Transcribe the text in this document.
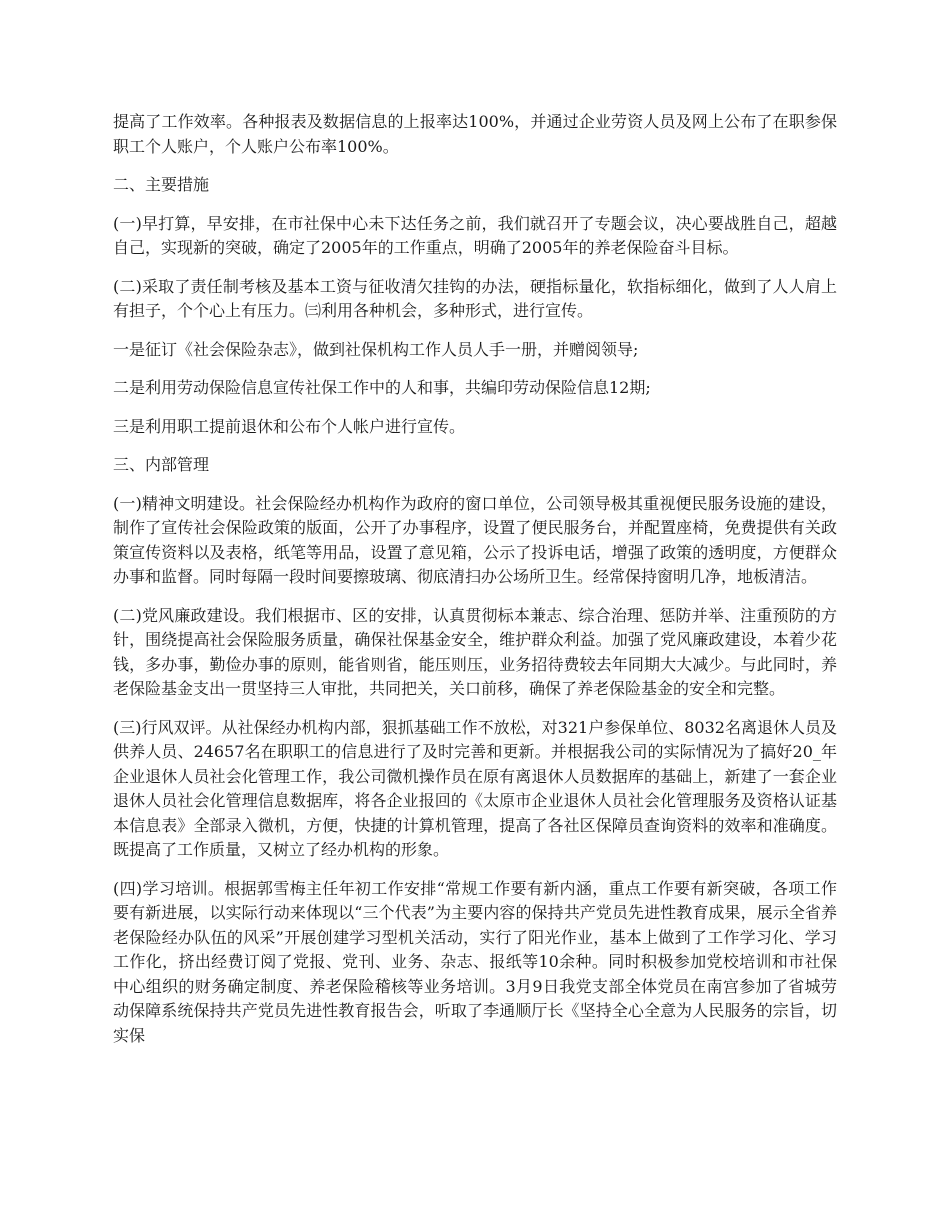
提高了工作效率。各种报表及数据信息的上报率达100%，并通过企业劳资人员及网上公布了在职参保职工个人账户，个人账户公布率100%。

二、主要措施

(一)早打算，早安排，在市社保中心未下达任务之前，我们就召开了专题会议，决心要战胜自己，超越自己，实现新的突破，确定了2005年的工作重点，明确了2005年的养老保险奋斗目标。

(二)采取了责任制考核及基本工资与征收清欠挂钩的办法，硬指标量化，软指标细化，做到了人人肩上有担子，个个心上有压力。㈢利用各种机会，多种形式，进行宣传。

一是征订《社会保险杂志》，做到社保机构工作人员人手一册，并赠阅领导;

二是利用劳动保险信息宣传社保工作中的人和事，共编印劳动保险信息12期;

三是利用职工提前退休和公布个人帐户进行宣传。

三、内部管理

(一)精神文明建设。社会保险经办机构作为政府的窗口单位，公司领导极其重视便民服务设施的建设，制作了宣传社会保险政策的版面，公开了办事程序，设置了便民服务台，并配置座椅，免费提供有关政策宣传资料以及表格，纸笔等用品，设置了意见箱，公示了投诉电话，增强了政策的透明度，方便群众办事和监督。同时每隔一段时间要擦玻璃、彻底清扫办公场所卫生。经常保持窗明几净，地板清洁。

(二)党风廉政建设。我们根据市、区的安排，认真贯彻标本兼志、综合治理、惩防并举、注重预防的方针，围绕提高社会保险服务质量，确保社保基金安全，维护群众利益。加强了党风廉政建设，本着少花钱，多办事，勤俭办事的原则，能省则省，能压则压，业务招待费较去年同期大大减少。与此同时，养老保险基金支出一贯坚持三人审批，共同把关，关口前移，确保了养老保险基金的安全和完整。

(三)行风双评。从社保经办机构内部，狠抓基础工作不放松，对321户参保单位、8032名离退休人员及供养人员、24657名在职职工的信息进行了及时完善和更新。并根据我公司的实际情况为了搞好20_年企业退休人员社会化管理工作，我公司微机操作员在原有离退休人员数据库的基础上，新建了一套企业退休人员社会化管理信息数据库，将各企业报回的《太原市企业退休人员社会化管理服务及资格认证基本信息表》全部录入微机，方便，快捷的计算机管理，提高了各社区保障员查询资料的效率和准确度。既提高了工作质量，又树立了经办机构的形象。

(四)学习培训。根据郭雪梅主任年初工作安排“常规工作要有新内涵，重点工作要有新突破，各项工作要有新进展，以实际行动来体现以“三个代表”为主要内容的保持共产党员先进性教育成果，展示全省养老保险经办队伍的风采”开展创建学习型机关活动，实行了阳光作业，基本上做到了工作学习化、学习工作化，挤出经费订阅了党报、党刊、业务、杂志、报纸等10余种。同时积极参加党校培训和市社保中心组织的财务确定制度、养老保险稽核等业务培训。3月9日我党支部全体党员在南宫参加了省城劳动保障系统保持共产党员先进性教育报告会，听取了李通顺厅长《坚持全心全意为人民服务的宗旨，切实保
